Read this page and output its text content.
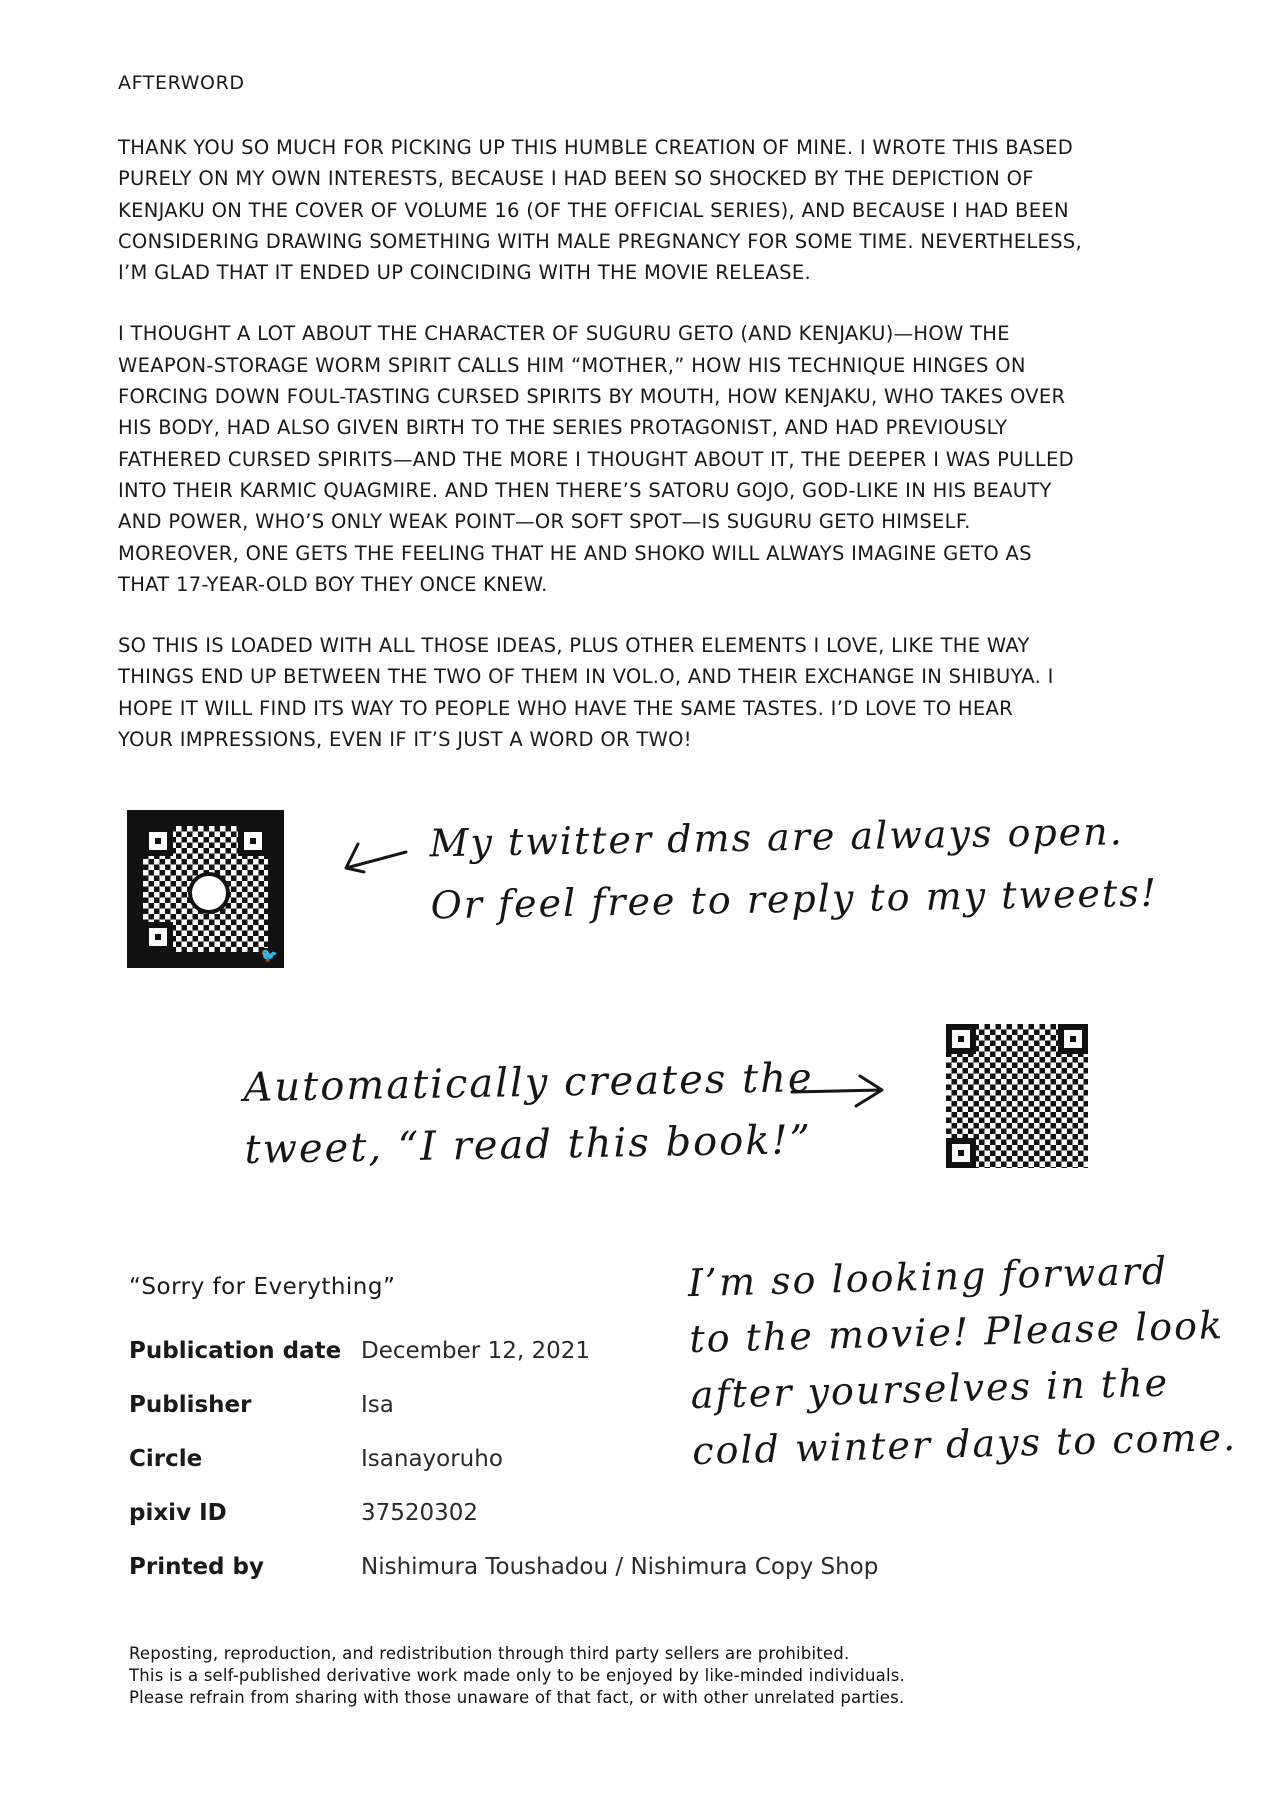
AFTERWORD

THANK YOU SO MUCH FOR PICKING UP THIS HUMBLE CREATION OF MINE. I WROTE THIS BASED
PURELY ON MY OWN INTERESTS, BECAUSE I HAD BEEN SO SHOCKED BY THE DEPICTION OF
KENJAKU ON THE COVER OF VOLUME 16 (OF THE OFFICIAL SERIES), AND BECAUSE I HAD BEEN
CONSIDERING DRAWING SOMETHING WITH MALE PREGNANCY FOR SOME TIME. NEVERTHELESS,
I’M GLAD THAT IT ENDED UP COINCIDING WITH THE MOVIE RELEASE.

I THOUGHT A LOT ABOUT THE CHARACTER OF SUGURU GETO (AND KENJAKU)—HOW THE
WEAPON-STORAGE WORM SPIRIT CALLS HIM “MOTHER,” HOW HIS TECHNIQUE HINGES ON
FORCING DOWN FOUL-TASTING CURSED SPIRITS BY MOUTH, HOW KENJAKU, WHO TAKES OVER
HIS BODY, HAD ALSO GIVEN BIRTH TO THE SERIES PROTAGONIST, AND HAD PREVIOUSLY
FATHERED CURSED SPIRITS—AND THE MORE I THOUGHT ABOUT IT, THE DEEPER I WAS PULLED
INTO THEIR KARMIC QUAGMIRE. AND THEN THERE’S SATORU GOJO, GOD-LIKE IN HIS BEAUTY
AND POWER, WHO’S ONLY WEAK POINT—OR SOFT SPOT—IS SUGURU GETO HIMSELF.
MOREOVER, ONE GETS THE FEELING THAT HE AND SHOKO WILL ALWAYS IMAGINE GETO AS
THAT 17-YEAR-OLD BOY THEY ONCE KNEW.

SO THIS IS LOADED WITH ALL THOSE IDEAS, PLUS OTHER ELEMENTS I LOVE, LIKE THE WAY
THINGS END UP BETWEEN THE TWO OF THEM IN VOL.O, AND THEIR EXCHANGE IN SHIBUYA. I
HOPE IT WILL FIND ITS WAY TO PEOPLE WHO HAVE THE SAME TASTES. I’D LOVE TO HEAR
YOUR IMPRESSIONS, EVEN IF IT’S JUST A WORD OR TWO!

🐦
My twitter dms are always open.
Or feel free to reply to my tweets!
Automatically creates the
tweet, “I read this book!”
I’m so looking forward
to the movie! Please look
after yourselves in the
cold winter days to come.
“Sorry for Everything”
Publication date December 12, 2021
Publisher	Isa
Circle	Isanayoruho
pixiv ID	37520302
Printed by	Nishimura Toushadou / Nishimura Copy Shop
Reposting, reproduction, and redistribution through third party sellers are prohibited.
This is a self-published derivative work made only to be enjoyed by like-minded individuals.
Please refrain from sharing with those unaware of that fact, or with other unrelated parties.
